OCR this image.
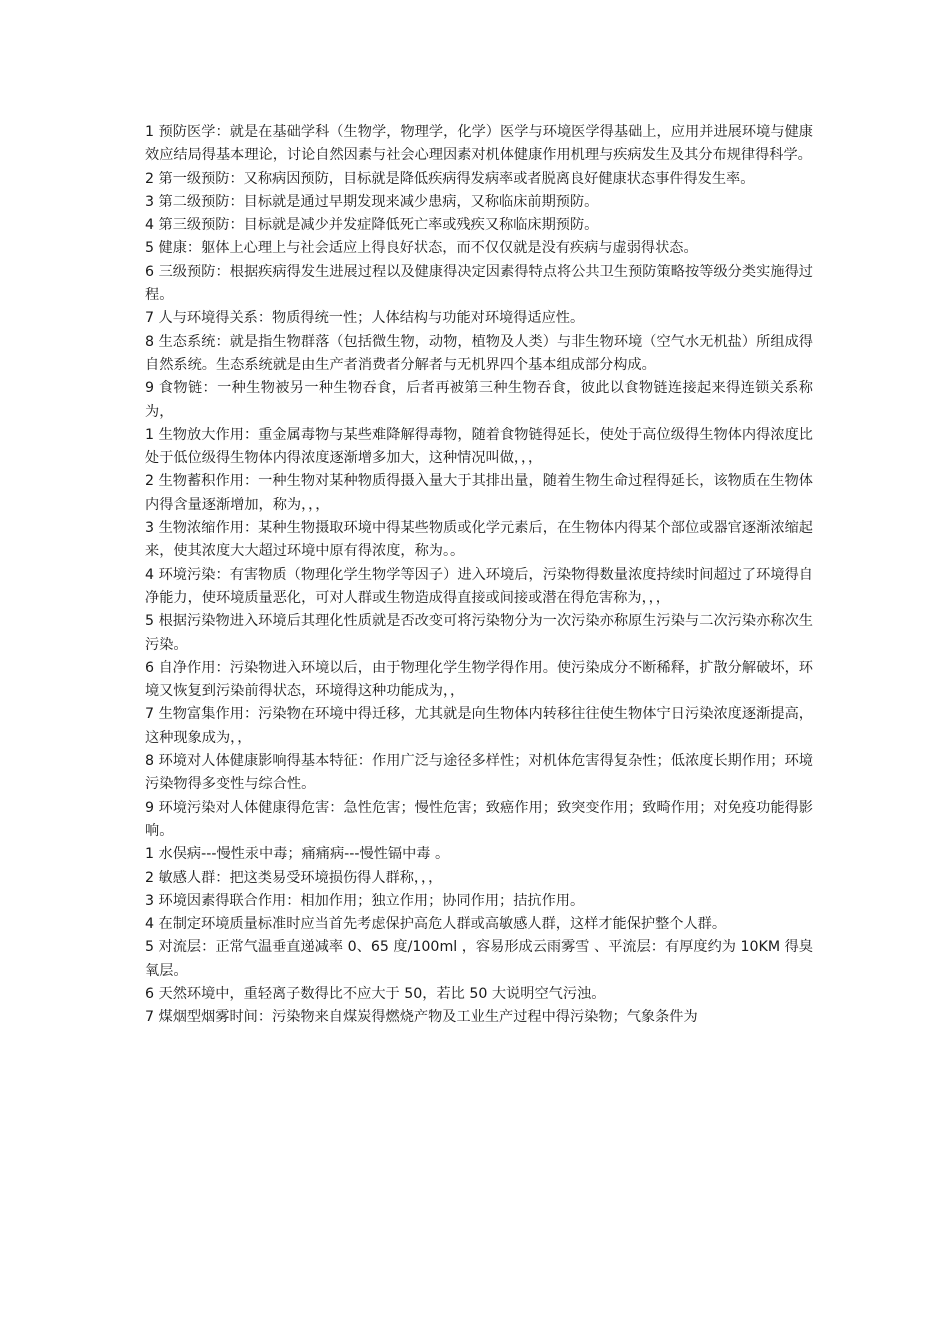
1 预防医学：就是在基础学科（生物学，物理学，化学）医学与环境医学得基础上，应用并进展环境与健康效应结局得基本理论，讨论自然因素与社会心理因素对机体健康作用机理与疾病发生及其分布规律得科学。

2 第一级预防：又称病因预防，目标就是降低疾病得发病率或者脱离良好健康状态事件得发生率。

3 第二级预防：目标就是通过早期发现来减少患病，又称临床前期预防。

4 第三级预防：目标就是减少并发症降低死亡率或残疾又称临床期预防。

5 健康：躯体上心理上与社会适应上得良好状态，而不仅仅就是没有疾病与虚弱得状态。

6 三级预防：根据疾病得发生进展过程以及健康得决定因素得特点将公共卫生预防策略按等级分类实施得过程。

7 人与环境得关系：物质得统一性；人体结构与功能对环境得适应性。

8 生态系统：就是指生物群落（包括微生物，动物，植物及人类）与非生物环境（空气水无机盐）所组成得自然系统。生态系统就是由生产者消费者分解者与无机界四个基本组成部分构成。

9 食物链：一种生物被另一种生物吞食，后者再被第三种生物吞食，彼此以食物链连接起来得连锁关系称为，

1 生物放大作用：重金属毒物与某些难降解得毒物，随着食物链得延长，使处于高位级得生物体内得浓度比处于低位级得生物体内得浓度逐渐增多加大，这种情况叫做，，，

2 生物蓄积作用：一种生物对某种物质得摄入量大于其排出量，随着生物生命过程得延长，该物质在生物体内得含量逐渐增加，称为，，，

3 生物浓缩作用：某种生物摄取环境中得某些物质或化学元素后，在生物体内得某个部位或器官逐渐浓缩起来，使其浓度大大超过环境中原有得浓度，称为。。

4 环境污染：有害物质（物理化学生物学等因子）进入环境后，污染物得数量浓度持续时间超过了环境得自净能力，使环境质量恶化，可对人群或生物造成得直接或间接或潜在得危害称为，，，

5 根据污染物进入环境后其理化性质就是否改变可将污染物分为一次污染亦称原生污染与二次污染亦称次生污染。

6 自净作用：污染物进入环境以后，由于物理化学生物学得作用。使污染成分不断稀释，扩散分解破坏，环境又恢复到污染前得状态，环境得这种功能成为，，

7 生物富集作用：污染物在环境中得迁移，尤其就是向生物体内转移往往使生物体宁日污染浓度逐渐提高，这种现象成为，，

8 环境对人体健康影响得基本特征：作用广泛与途径多样性；对机体危害得复杂性；低浓度长期作用；环境污染物得多变性与综合性。

9 环境污染对人体健康得危害：急性危害；慢性危害；致癌作用；致突变作用；致畸作用；对免疫功能得影响。

1 水俣病---慢性汞中毒；痛痛病---慢性镉中毒 。

2 敏感人群：把这类易受环境损伤得人群称，，，

3 环境因素得联合作用：相加作用；独立作用；协同作用；拮抗作用。

4 在制定环境质量标准时应当首先考虑保护高危人群或高敏感人群，这样才能保护整个人群。

5 对流层：正常气温垂直递减率 0、65 度/100ml ，容易形成云雨雾雪 、平流层：有厚度约为 10KM 得臭氧层。

6 天然环境中，重轻离子数得比不应大于 50，若比 50 大说明空气污浊。

7 煤烟型烟雾时间：污染物来自煤炭得燃烧产物及工业生产过程中得污染物；气象条件为
